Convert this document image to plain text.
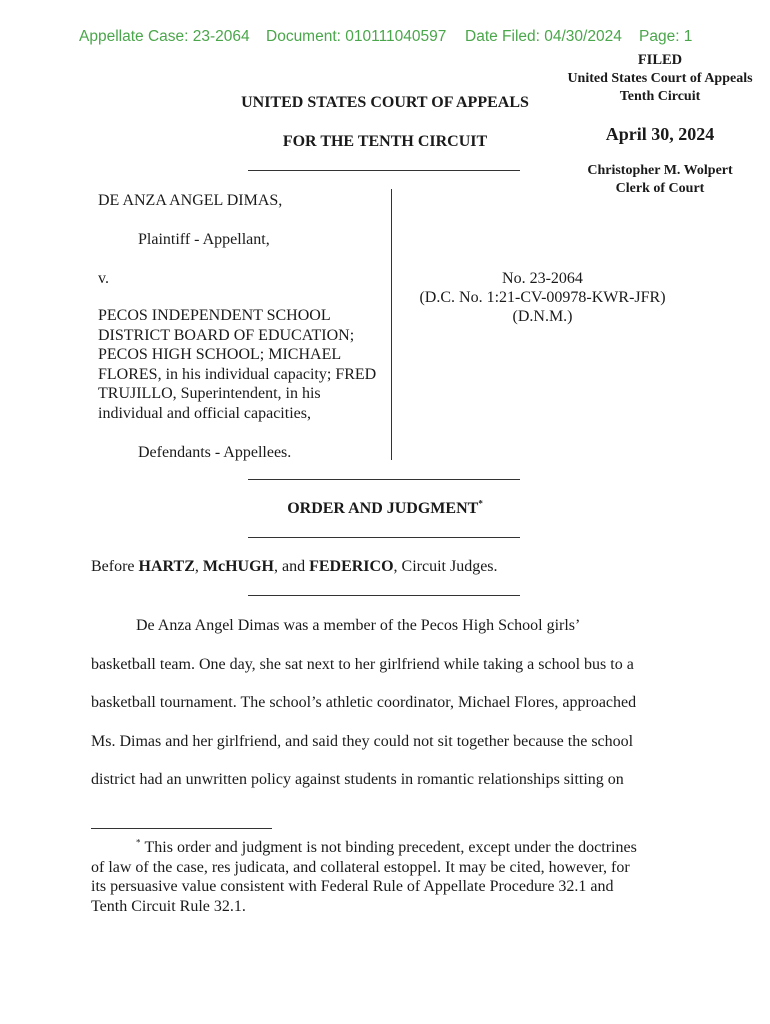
Appellate Case: 23-2064 Document: 010111040597 Date Filed: 04/30/2024 Page: 1
FILED
United States Court of Appeals
Tenth Circuit
April 30, 2024
Christopher M. Wolpert
Clerk of Court
UNITED STATES COURT OF APPEALS
FOR THE TENTH CIRCUIT
DE ANZA ANGEL DIMAS,
Plaintiff - Appellant,
v.
PECOS INDEPENDENT SCHOOL
DISTRICT BOARD OF EDUCATION;
PECOS HIGH SCHOOL; MICHAEL
FLORES, in his individual capacity; FRED
TRUJILLO, Superintendent, in his
individual and official capacities,
Defendants - Appellees.
No. 23-2064
(D.C. No. 1:21-CV-00978-KWR-JFR)
(D.N.M.)
ORDER AND JUDGMENT*
Before HARTZ, McHUGH, and FEDERICO, Circuit Judges.
De Anza Angel Dimas was a member of the Pecos High School girls’
basketball team. One day, she sat next to her girlfriend while taking a school bus to a
basketball tournament. The school’s athletic coordinator, Michael Flores, approached
Ms. Dimas and her girlfriend, and said they could not sit together because the school
district had an unwritten policy against students in romantic relationships sitting on
* This order and judgment is not binding precedent, except under the doctrines
of law of the case, res judicata, and collateral estoppel. It may be cited, however, for
its persuasive value consistent with Federal Rule of Appellate Procedure 32.1 and
Tenth Circuit Rule 32.1.
